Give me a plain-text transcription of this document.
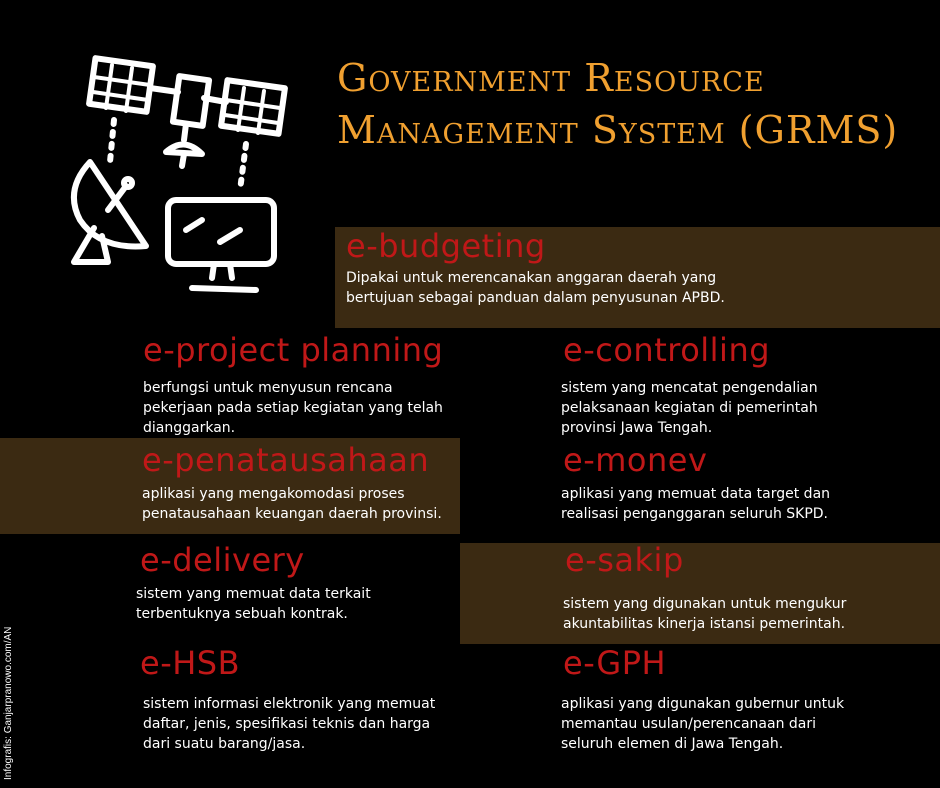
Government Resource
Management System (GRMS)
e-budgeting
Dipakai untuk merencanakan anggaran daerah yang
bertujuan sebagai panduan dalam penyusunan APBD.
e-project planning
berfungsi untuk menyusun rencana
pekerjaan pada setiap kegiatan yang telah
dianggarkan.
e-controlling
sistem yang mencatat pengendalian
pelaksanaan kegiatan di pemerintah
provinsi Jawa Tengah.
e-penatausahaan
aplikasi yang mengakomodasi proses
penatausahaan keuangan daerah provinsi.
e-monev
aplikasi yang memuat data target dan
realisasi penganggaran seluruh SKPD.
e-delivery
sistem yang memuat data terkait
terbentuknya sebuah kontrak.
e-sakip
sistem yang digunakan untuk mengukur
akuntabilitas kinerja istansi pemerintah.
e-HSB
sistem informasi elektronik yang memuat
daftar, jenis, spesifikasi teknis dan harga
dari suatu barang/jasa.
e-GPH
aplikasi yang digunakan gubernur untuk
memantau usulan/perencanaan dari
seluruh elemen di Jawa Tengah.
Infografis: Ganjarpranowo.com/AN
